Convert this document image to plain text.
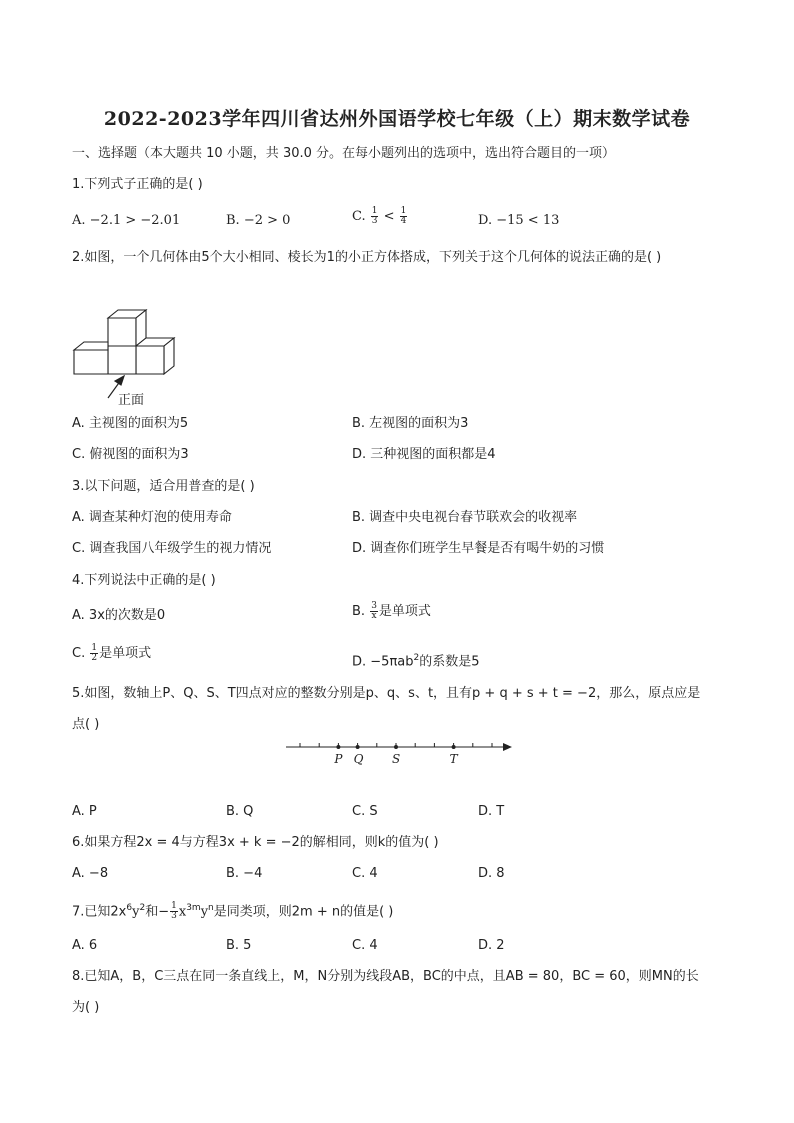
2022-2023学年四川省达州外国语学校七年级（上）期末数学试卷
一、选择题（本大题共 10 小题，共 30.0 分。在每小题列出的选项中，选出符合题目的一项）
1.下列式子正确的是( )
A. −2.1 > −2.01	B. −2 > 0	C. $\frac{1}{3} < \frac{1}{4}$	D. −15 < 13
2.如图，一个几何体由5个大小相同、棱长为1的小正方体搭成，下列关于这个几何体的说法正确的是( )
正面
A. 主视图的面积为5	B. 左视图的面积为3
C. 俯视图的面积为3	D. 三种视图的面积都是4
3.以下问题，适合用普查的是( )
A. 调查某种灯泡的使用寿命	B. 调查中央电视台春节联欢会的收视率
C. 调查我国八年级学生的视力情况	D. 调查你们班学生早餐是否有喝牛奶的习惯
4.下列说法中正确的是( )
A. 3x的次数是0	B. $\frac{3}{x}$ 是单项式
C. $\frac{1}{2}$ 是单项式
D. −5πab$^2$的系数是5
5.如图，数轴上P、Q、S、T四点对应的整数分别是p、q、s、t，且有p + q + s + t = −2，那么，原点应是
点( )
P Q S	T
A. P	B. Q	C. S	D. T
6.如果方程2x = 4与方程3x + k = −2的解相同，则k的值为( )
A. −8	B. −4	C. 4	D. 8
7.已知$2x^6y^2$和− $\frac{1}{3} x^{3m}y^n$是同类项，则2m + n的值是( )
A. 6	B. 5	C. 4	D. 2
8.已知A，B，C三点在同一条直线上，M，N分别为线段AB，BC的中点，且AB = 80，BC = 60，则MN的长
为( )
